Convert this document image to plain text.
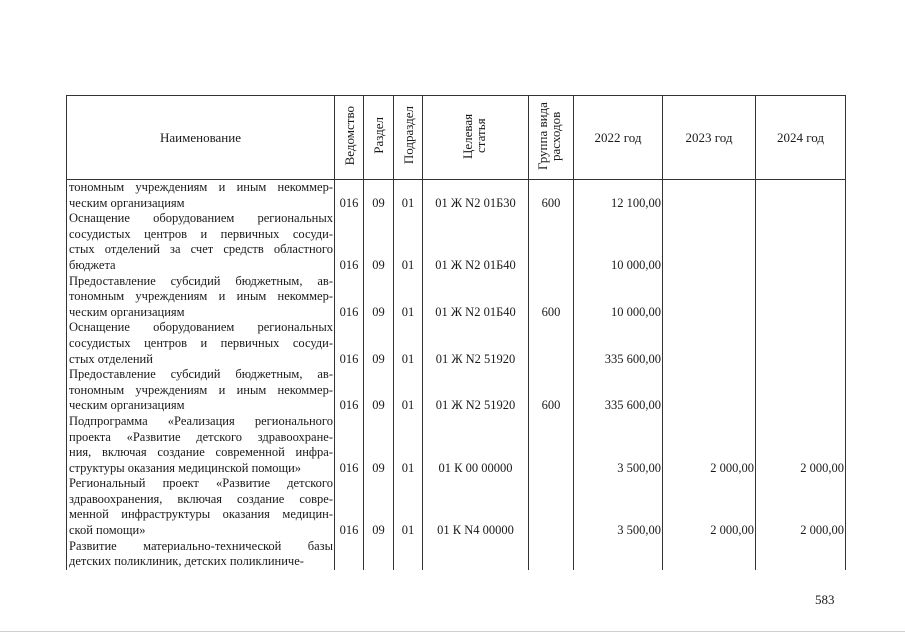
Наименование	Ведомство	Раздел	Подраздел	Целевая статья	Группа вида расходов	2022 год	2023 год	2024 год

тономным учреждениям и иным некоммер-
ческим организациям	016	09	01	01 Ж N2 01Б30	600	12 100,00		

Оснащение оборудованием региональных
сосудистых центров и первичных сосуди-
стых отделений за счет средств областного
бюджета	016	09	01	01 Ж N2 01Б40		10 000,00		

Предоставление субсидий бюджетным, ав-
тономным учреждениям и иным некоммер-
ческим организациям	016	09	01	01 Ж N2 01Б40	600	10 000,00		

Оснащение оборудованием региональных
сосудистых центров и первичных сосуди-
стых отделений	016	09	01	01 Ж N2 51920		335 600,00		

Предоставление субсидий бюджетным, ав-
тономным учреждениям и иным некоммер-
ческим организациям	016	09	01	01 Ж N2 51920	600	335 600,00		

Подпрограмма «Реализация регионального
проекта «Развитие детского здравоохране-
ния, включая создание современной инфра-
структуры оказания медицинской помощи»	016	09	01	01 К 00 00000		3 500,00	2 000,00	2 000,00

Региональный проект «Развитие детского
здравоохранения, включая создание совре-
менной инфраструктуры оказания медицин-
ской помощи»	016	09	01	01 К N4 00000		3 500,00	2 000,00	2 000,00

Развитие материально-технической базы
детских поликлиник, детских поликлиниче-								

583
